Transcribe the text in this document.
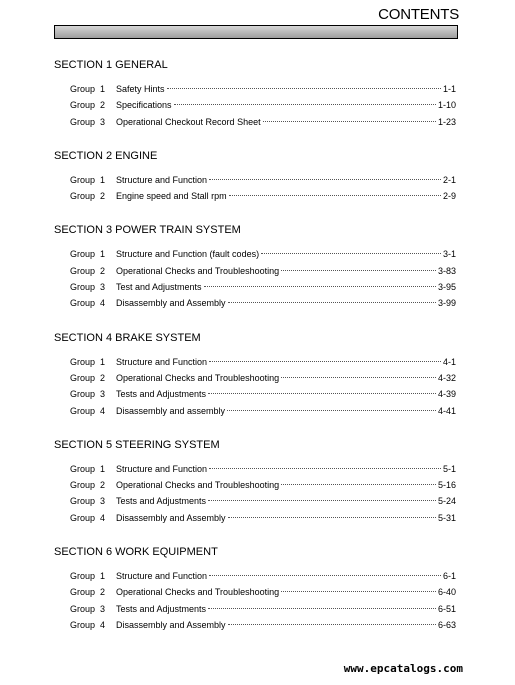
CONTENTS
SECTION 1 GENERAL
Group  1	Safety Hints	1-1
Group  2	Specifications	1-10
Group  3	Operational Checkout Record Sheet	1-23
SECTION 2 ENGINE
Group  1	Structure and Function	2-1
Group  2	Engine speed and Stall rpm	2-9
SECTION 3 POWER TRAIN SYSTEM
Group  1	Structure and Function (fault codes)	3-1
Group  2	Operational Checks and Troubleshooting	3-83
Group  3	Test and Adjustments	3-95
Group  4	Disassembly and Assembly	3-99
SECTION 4 BRAKE SYSTEM
Group  1	Structure and Function	4-1
Group  2	Operational Checks and Troubleshooting	4-32
Group  3	Tests and Adjustments	4-39
Group  4	Disassembly and assembly	4-41
SECTION 5 STEERING SYSTEM
Group  1	Structure and Function	5-1
Group  2	Operational Checks and Troubleshooting	5-16
Group  3	Tests and Adjustments	5-24
Group  4	Disassembly and Assembly	5-31
SECTION 6 WORK EQUIPMENT
Group  1	Structure and Function	6-1
Group  2	Operational Checks and Troubleshooting	6-40
Group  3	Tests and Adjustments	6-51
Group  4	Disassembly and Assembly	6-63
www.epcatalogs.com
